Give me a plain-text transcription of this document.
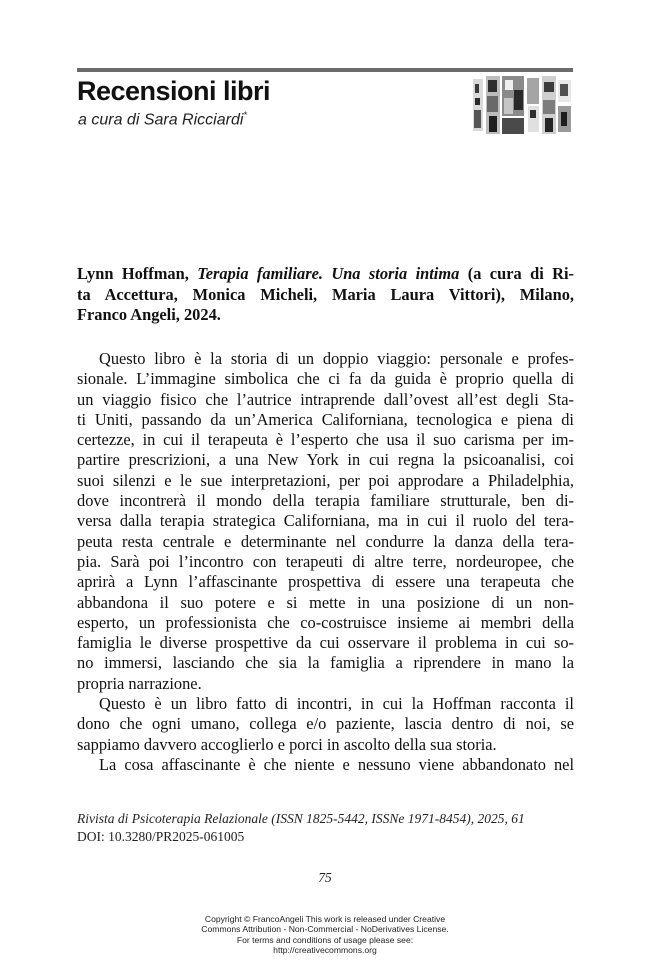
Recensioni libri
a cura di Sara Ricciardi*
Lynn Hoffman, Terapia familiare. Una storia intima (a cura di Ri-
ta Accettura, Monica Micheli, Maria Laura Vittori), Milano,
Franco Angeli, 2024.
Questo libro è la storia di un doppio viaggio: personale e profes-
sionale. L’immagine simbolica che ci fa da guida è proprio quella di
un viaggio fisico che l’autrice intraprende dall’ovest all’est degli Sta-
ti Uniti, passando da un’America Californiana, tecnologica e piena di
certezze, in cui il terapeuta è l’esperto che usa il suo carisma per im-
partire prescrizioni, a una New York in cui regna la psicoanalisi, coi
suoi silenzi e le sue interpretazioni, per poi approdare a Philadelphia,
dove incontrerà il mondo della terapia familiare strutturale, ben di-
versa dalla terapia strategica Californiana, ma in cui il ruolo del tera-
peuta resta centrale e determinante nel condurre la danza della tera-
pia. Sarà poi l’incontro con terapeuti di altre terre, nordeuropee, che
aprirà a Lynn l’affascinante prospettiva di essere una terapeuta che
abbandona il suo potere e si mette in una posizione di un non-
esperto, un professionista che co-costruisce insieme ai membri della
famiglia le diverse prospettive da cui osservare il problema in cui so-
no immersi, lasciando che sia la famiglia a riprendere in mano la
propria narrazione.
Questo è un libro fatto di incontri, in cui la Hoffman racconta il
dono che ogni umano, collega e/o paziente, lascia dentro di noi, se
sappiamo davvero accoglierlo e porci in ascolto della sua storia.
La cosa affascinante è che niente e nessuno viene abbandonato nel
Rivista di Psicoterapia Relazionale (ISSN 1825-5442, ISSNe 1971-8454), 2025, 61
DOI: 10.3280/PR2025-061005
75
Copyright © FrancoAngeli This work is released under Creative
Commons Attribution - Non-Commercial - NoDerivatives License.
For terms and conditions of usage please see:
http://creativecommons.org
